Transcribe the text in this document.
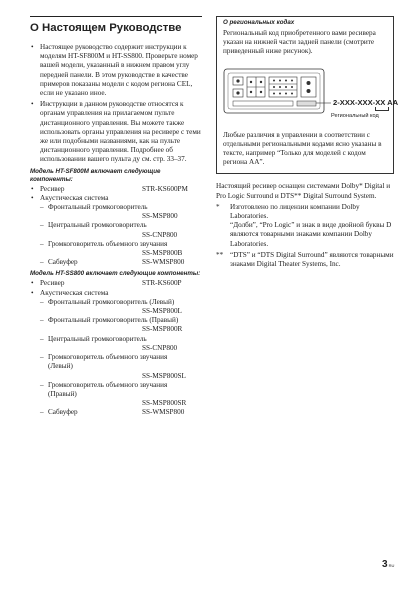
О Настоящем Руководстве
• Настоящее руководство содержит инструкции к моделям HT-SF800M и HT-SS800. Проверьте номер вашей модели, указанный в нижнем правом углу передней панели. В этом руководстве в качестве примеров показаны модели с кодом региона CEL, если не указано иное.
• Инструкции в данном руководстве относятся к органам управления на прилагаемом пульте дистанционного управления. Вы можете также использовать органы управления на ресивере с теми же или подобными названиями, как на пульте дистанционного управления. Подробнее об использовании вашего пульта ду см. стр. 33–37.
Модель HT-SF800M включает следующие компоненты:
• Ресивер	STR-KS600PM
• Акустическая система
– Фронтальный громкоговоритель
SS-MSP800
– Центральный громкоговоритель
SS-CNP800
– Громкоговоритель объемного звучания
SS-MSP800B
– Сабвуфер	SS-WMSP800
Модель HT-SS800 включает следующие компоненты:
• Ресивер	STR-KS600P
• Акустическая система
– Фронтальный громкоговоритель (Левый)
SS-MSP800L
– Фронтальный громкоговоритель (Правый)
SS-MSP800R
– Центральный громкоговоритель
SS-CNP800
– Громкоговоритель объемного звучания
(Левый)
SS-MSP800SL
– Громкоговоритель объемного звучания
(Правый)
SS-MSP800SR
– Сабвуфер	SS-WMSP800
О региональных кодах
Региональный код приобретенного вами ресивера указан на нижней части задней панели (смотрите приведенный ниже рисунок).
2-XXX-XXX-XX AA
Региональный код
Любые различия в управлении в соответствии с отдельными региональными кодами ясно указаны в тексте, например “Только для моделей с кодом региона AA”.
Настоящий ресивер оснащен системами Dolby* Digital и Pro Logic Surround и DTS** Digital Surround System.
* Изготовлено по лицензии компании Dolby Laboratories.
“Долби”, “Pro Logic” и знак в виде двойной буквы D являются товарными знаками компании Dolby Laboratories.
** “DTS” и “DTS Digital Surround” являются товарными знаками Digital Theater Systems, Inc.
3RU
